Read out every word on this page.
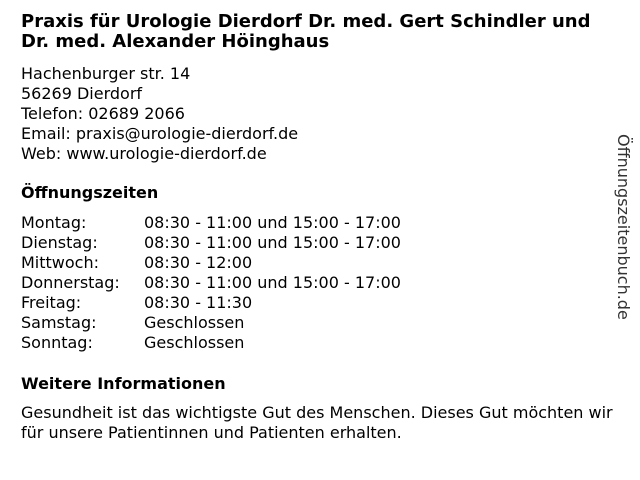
Praxis für Urologie Dierdorf Dr. med. Gert Schindler und Dr. med. Alexander Höinghaus
Hachenburger str. 14
56269 Dierdorf
Telefon: 02689 2066
Email: praxis@urologie-dierdorf.de
Web: www.urologie-dierdorf.de
Öffnungszeiten
Montag:	08:30 - 11:00 und 15:00 - 17:00
Dienstag:	08:30 - 11:00 und 15:00 - 17:00
Mittwoch:	08:30 - 12:00
Donnerstag: 08:30 - 11:00 und 15:00 - 17:00
Freitag:	08:30 - 11:30
Samstag:	Geschlossen
Sonntag:	Geschlossen
Weitere Informationen
Gesundheit ist das wichtigste Gut des Menschen. Dieses Gut möchten wir für unsere Patientinnen und Patienten erhalten.
Öffnungszeitenbuch.de
